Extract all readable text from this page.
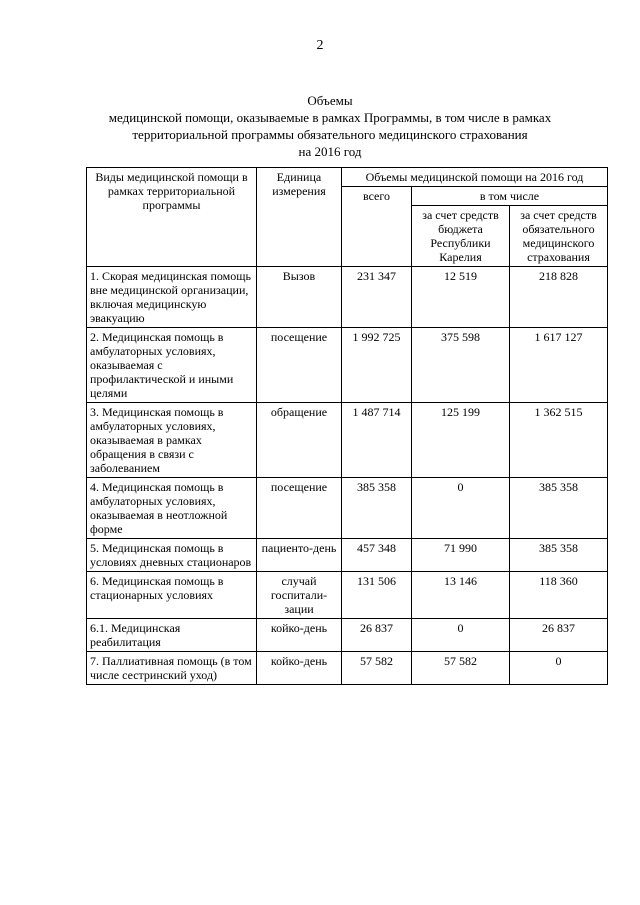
2
Объемы
медицинской помощи, оказываемые в рамках Программы, в том числе в рамках
территориальной программы обязательного медицинского страхования
на 2016 год
Виды медицинской помощи в рамках территориальной программы	Единица измерения	Объемы медицинской помощи на 2016 год		
		всего	в том числе	
			за счет средств бюджета Республики Карелия	за счет средств обязательного медицинского страхования
1. Скорая медицинская помощь вне медицинской организации, включая медицинскую эвакуацию	Вызов	231 347	12 519	218 828
2. Медицинская помощь в амбулаторных условиях, оказываемая с профилактической и иными целями	посещение	1 992 725	375 598	1 617 127
3. Медицинская помощь в амбулаторных условиях, оказываемая в рамках обращения в связи с заболеванием	обращение	1 487 714	125 199	1 362 515
4. Медицинская помощь в амбулаторных условиях, оказываемая в неотложной форме	посещение	385 358	0	385 358
5. Медицинская помощь в условиях дневных стационаров	пациенто-день	457 348	71 990	385 358
6. Медицинская помощь в стационарных условиях	случай госпитали-зации	131 506	13 146	118 360
6.1. Медицинская реабилитация	койко-день	26 837	0	26 837
7. Паллиативная помощь (в том числе сестринский уход)	койко-день	57 582	57 582	0
